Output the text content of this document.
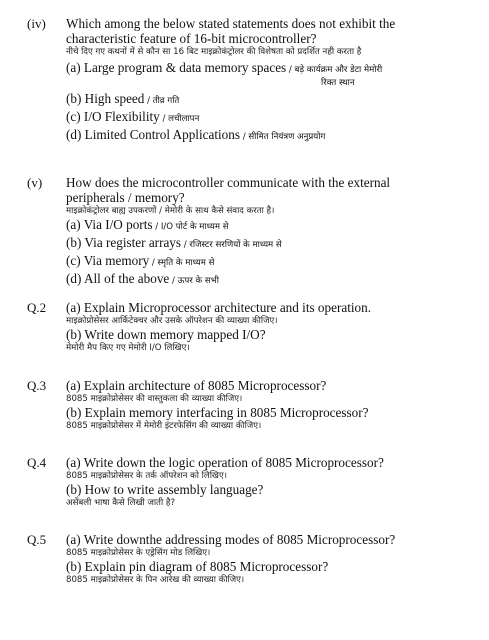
(iv) Which among the below stated statements does not exhibit the characteristic feature of 16-bit microcontroller?

नीचे दिए गए कथनों में से कौन सा 16 बिट माइक्रोकंट्रोलर की विशेषता को प्रदर्शित नही करता है

(a) Large program & data memory spaces / बड़े कार्यक्रम और डेटा मेमोरी

रिक्त स्थान

(b) High speed / तीव्र गति

(c) I/O Flexibility / लचीलापन

(d) Limited Control Applications / सीमित नियंत्रण अनुप्रयोग

(v) How does the microcontroller communicate with the external peripherals / memory?

माइक्रोकंट्रोलर बाह्य उपकरणों / मेमोरी के साथ कैसे संवाद करता है।

(a) Via I/O ports / I/O पोर्ट के माध्यम से

(b) Via register arrays / रजिस्टर सरणियों के माध्यम से

(c) Via memory / स्मृति के माध्यम से

(d) All of the above / ऊपर के सभी

Q.2 (a) Explain Microprocessor architecture and its operation.

माइक्रोप्रोसेसर आर्किटेक्चर और उसके ऑपरेशन की व्याख्या कीजिए।

(b) Write down memory mapped I/O?

मेमोरी मैप किए गए मेमोरी I/O लिखिए।

Q.3 (a) Explain architecture of 8085 Microprocessor?

8085 माइक्रोप्रोसेसर की वास्तुकला की व्याख्या कीजिए।

(b) Explain memory interfacing in 8085 Microprocessor?

8085 माइक्रोप्रोसेसर में मेमोरी इंटरफेसिंग की व्याख्या कीजिए।

Q.4 (a) Write down the logic operation of 8085 Microprocessor?

8085 माइक्रोप्रोसेसर के तर्क ऑपरेशन को लिखिए।

(b) How to write assembly language?

असेंबली भाषा कैसे लिखी जाती है?

Q.5 (a) Write downthe addressing modes of 8085 Microprocessor?

8085 माइक्रोप्रोसेसर के एड्रेसिंग मोड लिखिए।

(b) Explain pin diagram of 8085 Microprocessor?

8085 माइक्रोप्रोसेसर के पिन आरेख की व्याख्या कीजिए।
